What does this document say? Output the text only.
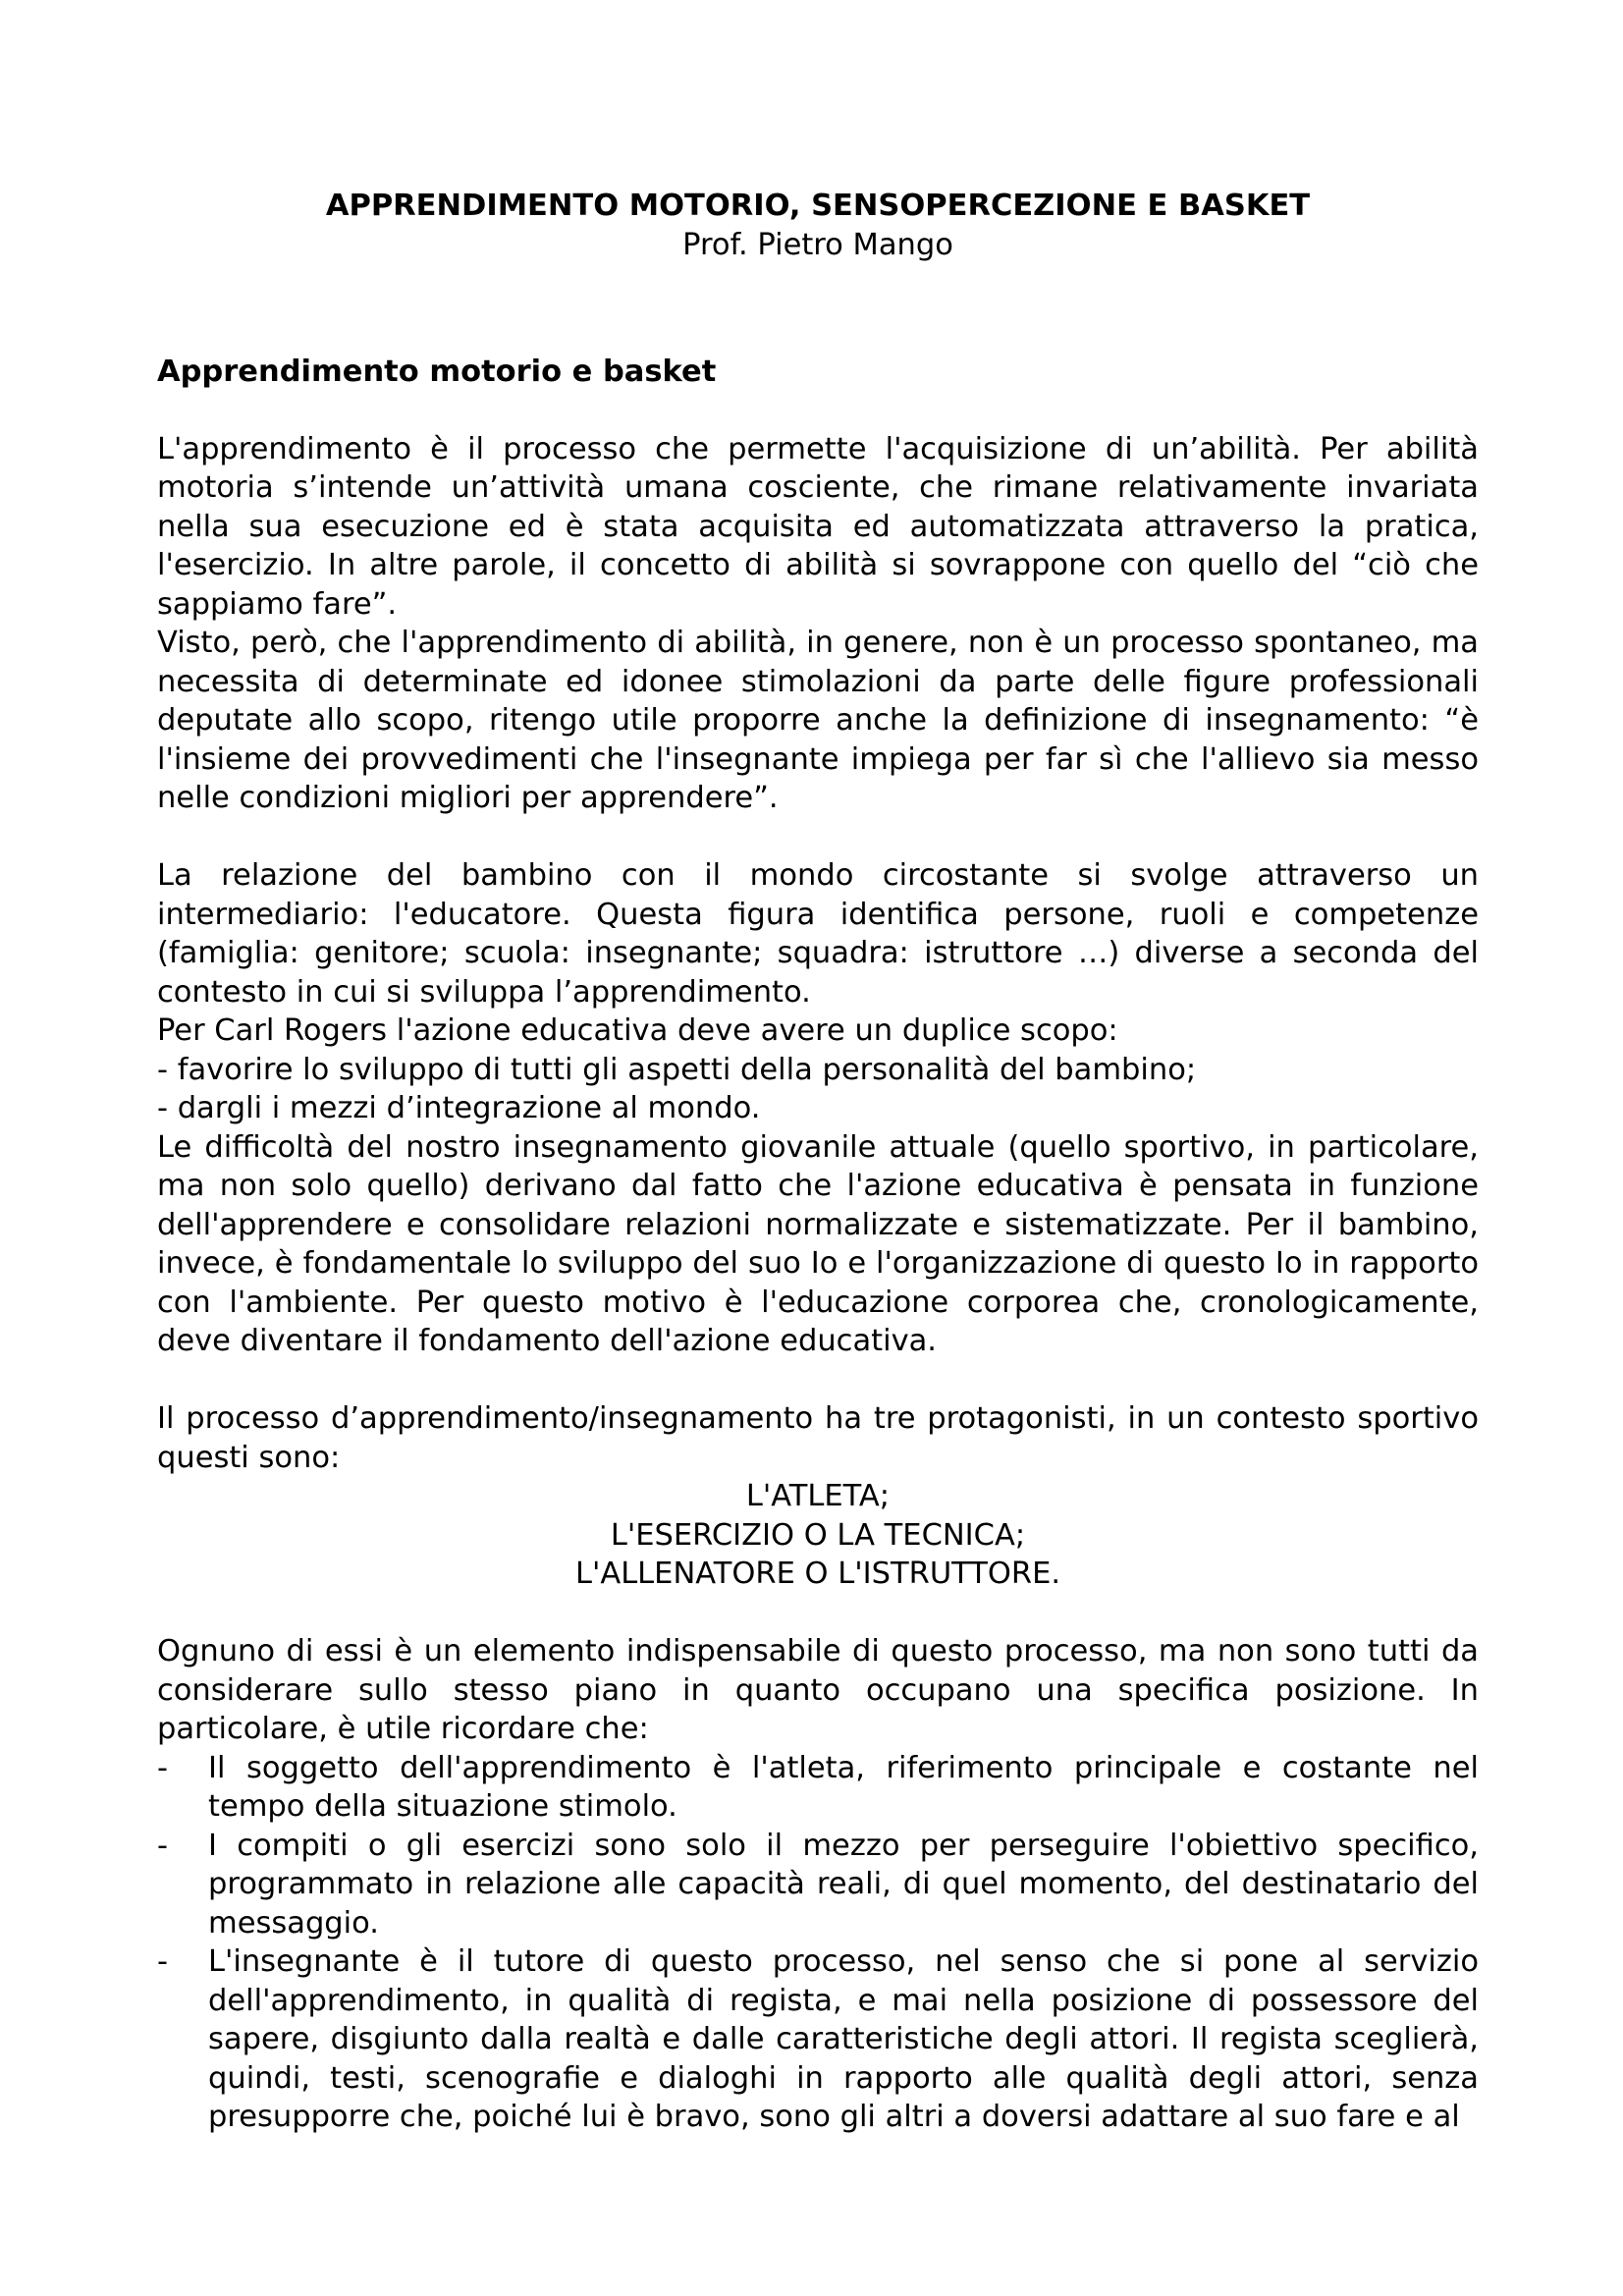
APPRENDIMENTO MOTORIO, SENSOPERCEZIONE E BASKET

Prof. Pietro Mango

Apprendimento motorio e basket

L'apprendimento è il processo che permette l'acquisizione di un’abilità. Per abilità motoria s’intende un’attività umana cosciente, che rimane relativamente invariata nella sua esecuzione ed è stata acquisita ed automatizzata attraverso la pratica, l'esercizio. In altre parole, il concetto di abilità si sovrappone con quello del “ciò che sappiamo fare”.

Visto, però, che l'apprendimento di abilità, in genere, non è un processo spontaneo, ma necessita di determinate ed idonee stimolazioni da parte delle figure professionali deputate allo scopo, ritengo utile proporre anche la definizione di insegnamento: “è l'insieme dei provvedimenti che l'insegnante impiega per far sì che l'allievo sia messo nelle condizioni migliori per apprendere”.

La relazione del bambino con il mondo circostante si svolge attraverso un intermediario: l'educatore. Questa figura identifica persone, ruoli e competenze (famiglia: genitore; scuola: insegnante; squadra: istruttore …) diverse a seconda del contesto in cui si sviluppa l’apprendimento.

Per Carl Rogers l'azione educativa deve avere un duplice scopo:

- favorire lo sviluppo di tutti gli aspetti della personalità del bambino;

- dargli i mezzi d’integrazione al mondo.

Le difficoltà del nostro insegnamento giovanile attuale (quello sportivo, in particolare, ma non solo quello) derivano dal fatto che l'azione educativa è pensata in funzione dell'apprendere e consolidare relazioni normalizzate e sistematizzate. Per il bambino, invece, è fondamentale lo sviluppo del suo Io e l'organizzazione di questo Io in rapporto con l'ambiente. Per questo motivo è l'educazione corporea che, cronologicamente, deve diventare il fondamento dell'azione educativa.

Il processo d’apprendimento/insegnamento ha tre protagonisti, in un contesto sportivo questi sono:

L'ATLETA;

L'ESERCIZIO O LA TECNICA;

L'ALLENATORE O L'ISTRUTTORE.

Ognuno di essi è un elemento indispensabile di questo processo, ma non sono tutti da considerare sullo stesso piano in quanto occupano una specifica posizione. In particolare, è utile ricordare che:

- Il soggetto dell'apprendimento è l'atleta, riferimento principale e costante nel tempo della situazione stimolo.
- I compiti o gli esercizi sono solo il mezzo per perseguire l'obiettivo specifico, programmato in relazione alle capacità reali, di quel momento, del destinatario del messaggio.
- L'insegnante è il tutore di questo processo, nel senso che si pone al servizio dell'apprendimento, in qualità di regista, e mai nella posizione di possessore del sapere, disgiunto dalla realtà e dalle caratteristiche degli attori. Il regista sceglierà, quindi, testi, scenografie e dialoghi in rapporto alle qualità degli attori, senza presupporre che, poiché lui è bravo, sono gli altri a doversi adattare al suo fare e al
